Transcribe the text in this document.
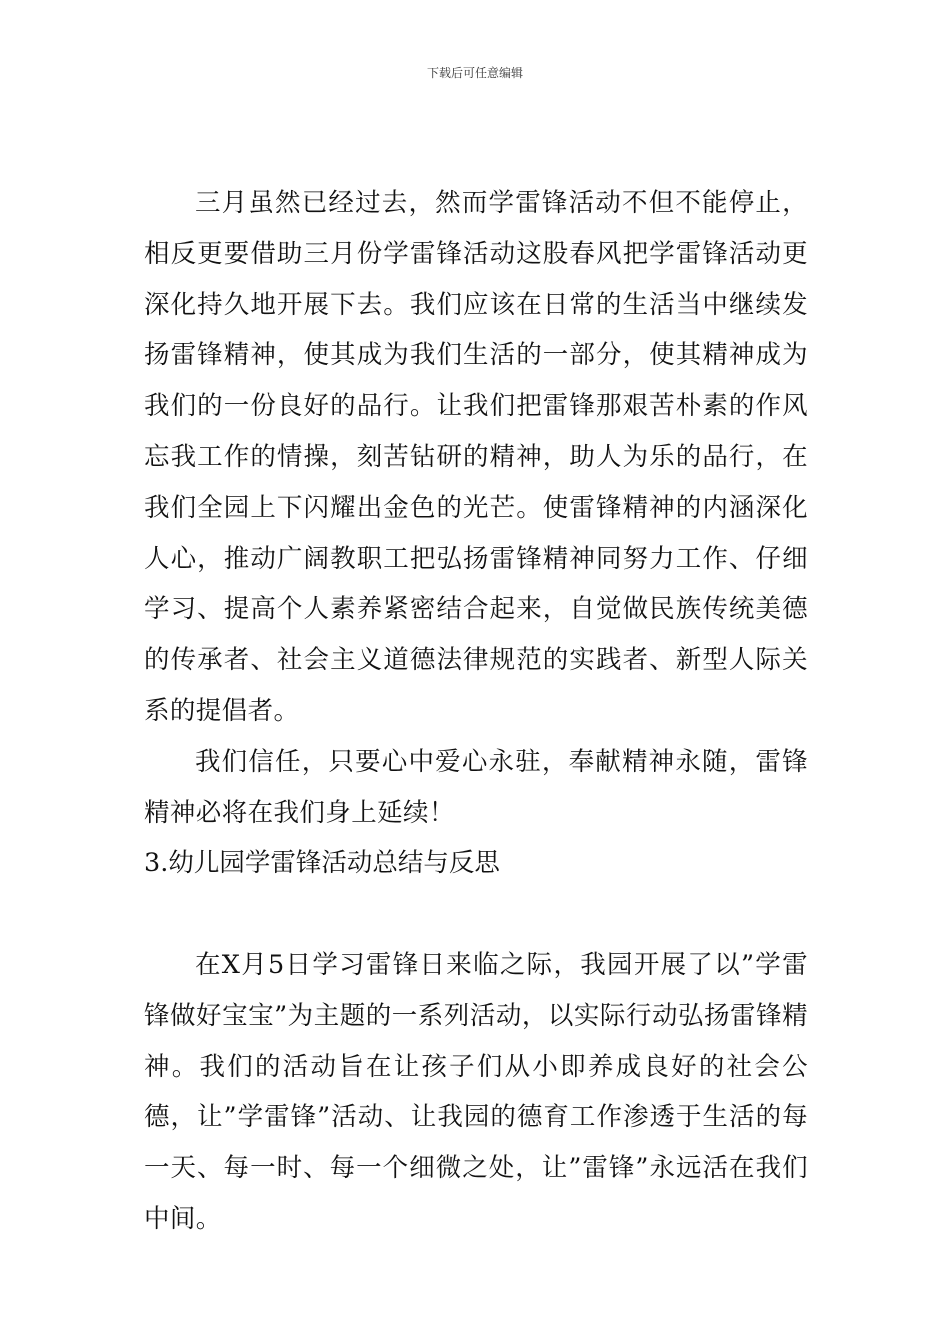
下载后可任意编辑

三月虽然已经过去，然而学雷锋活动不但不能停止，相反更要借助三月份学雷锋活动这股春风把学雷锋活动更深化持久地开展下去。我们应该在日常的生活当中继续发扬雷锋精神，使其成为我们生活的一部分，使其精神成为我们的一份良好的品行。让我们把雷锋那艰苦朴素的作风忘我工作的情操，刻苦钻研的精神，助人为乐的品行，在我们全园上下闪耀出金色的光芒。使雷锋精神的内涵深化人心，推动广阔教职工把弘扬雷锋精神同努力工作、仔细学习、提高个人素养紧密结合起来，自觉做民族传统美德的传承者、社会主义道德法律规范的实践者、新型人际关系的提倡者。

我们信任，只要心中爱心永驻，奉献精神永随，雷锋精神必将在我们身上延续！

3.幼儿园学雷锋活动总结与反思

在X月5日学习雷锋日来临之际，我园开展了以”学雷锋做好宝宝”为主题的一系列活动，以实际行动弘扬雷锋精神。我们的活动旨在让孩子们从小即养成良好的社会公德，让”学雷锋”活动、让我园的德育工作渗透于生活的每一天、每一时、每一个细微之处，让”雷锋”永远活在我们中间。
